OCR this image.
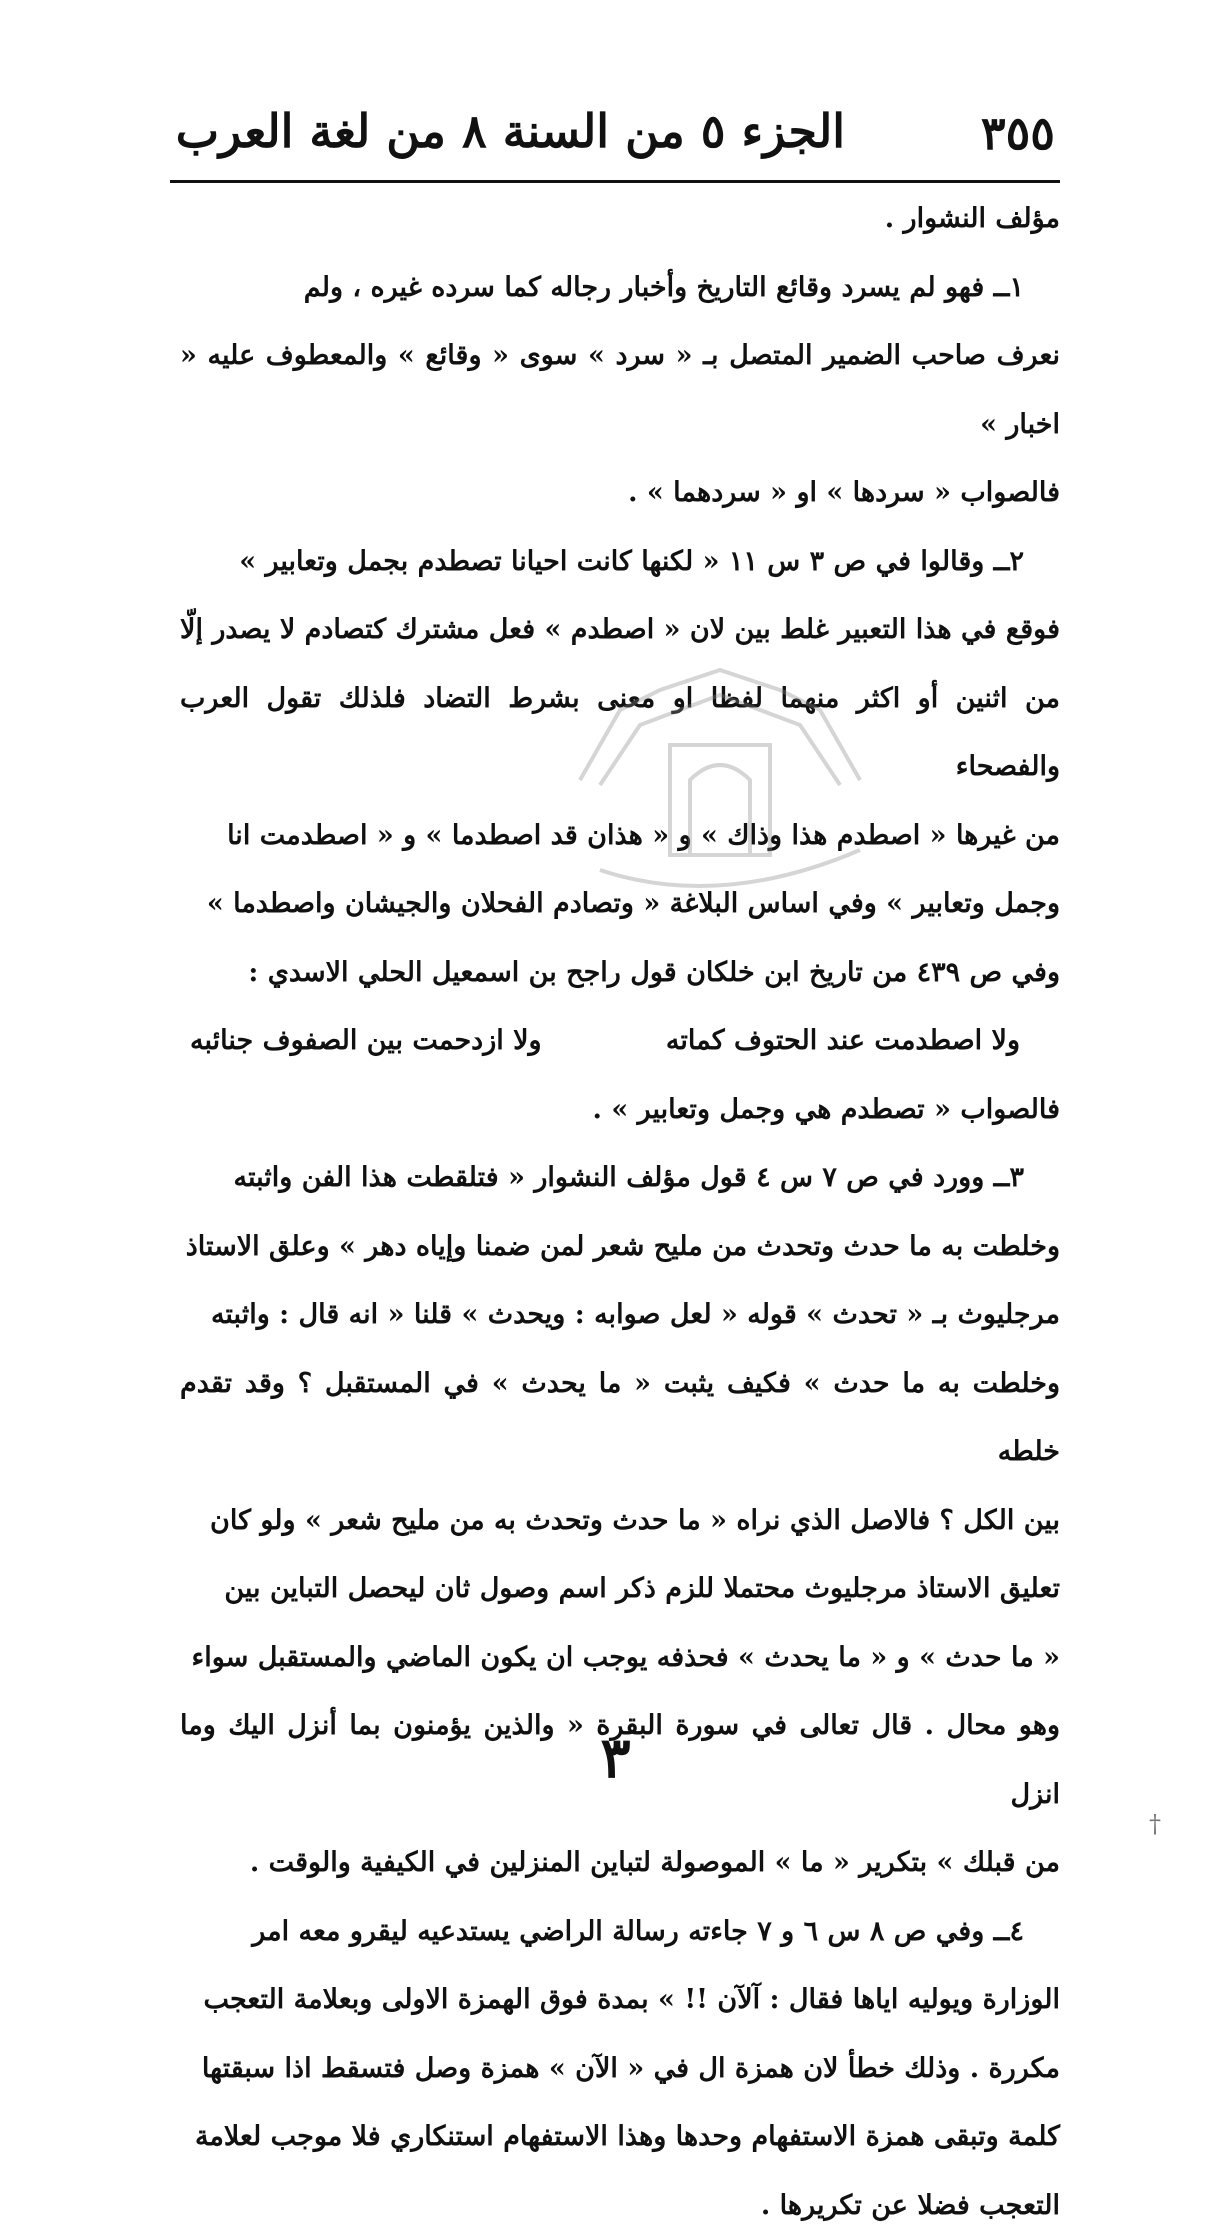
٣٥٥
الجزء ٥ من السنة ٨ من لغة العرب

مؤلف النشوار .

١ــ فهو لم يسرد وقائع التاريخ وأخبار رجاله كما سرده غيره ، ولم

نعرف صاحب الضمير المتصل بـ « سرد » سوى « وقائع » والمعطوف عليه « اخبار »

فالصواب « سردها » او « سردهما » .

٢ــ وقالوا في ص ٣ س ١١ « لكنها كانت احيانا تصطدم بجمل وتعابير »

فوقع في هذا التعبير غلط بين لان « اصطدم » فعل مشترك كتصادم لا يصدر إلّا

من اثنين أو اكثر منهما لفظا او معنى بشرط التضاد فلذلك تقول العرب والفصحاء

من غيرها « اصطدم هذا وذاك » و « هذان قد اصطدما » و « اصطدمت انا

وجمل وتعابير » وفي اساس البلاغة « وتصادم الفحلان والجيشان واصطدما »

وفي ص ٤٣٩ من تاريخ ابن خلكان قول راجح بن اسمعيل الحلي الاسدي :

ولا اصطدمت عند الحتوف كماته
ولا ازدحمت بين الصفوف جنائبه

فالصواب « تصطدم هي وجمل وتعابير » .

٣ــ وورد في ص ٧ س ٤ قول مؤلف النشوار « فتلقطت هذا الفن واثبته

وخلطت به ما حدث وتحدث من مليح شعر لمن ضمنا وإياه دهر » وعلق الاستاذ

مرجليوث بـ « تحدث » قوله « لعل صوابه : ويحدث » قلنا « انه قال : واثبته

وخلطت به ما حدث » فكيف يثبت « ما يحدث » في المستقبل ؟ وقد تقدم خلطه

بين الكل ؟ فالاصل الذي نراه « ما حدث وتحدث به من مليح شعر » ولو كان

تعليق الاستاذ مرجليوث محتملا للزم ذكر اسم وصول ثان ليحصل التباين بين

« ما حدث » و « ما يحدث » فحذفه يوجب ان يكون الماضي والمستقبل سواء

وهو محال . قال تعالى في سورة البقرة « والذين يؤمنون بما أنزل اليك وما انزل

من قبلك » بتكرير « ما » الموصولة لتباين المنزلين في الكيفية والوقت .

٤ــ وفي ص ٨ س ٦ و ٧ جاءته رسالة الراضي يستدعيه ليقرو معه امر

الوزارة ويوليه اياها فقال : آلآن !! » بمدة فوق الهمزة الاولى وبعلامة التعجب

مكررة . وذلك خطأ لان همزة ال في « الآن » همزة وصل فتسقط اذا سبقتها

كلمة وتبقى همزة الاستفهام وحدها وهذا الاستفهام استنكاري فلا موجب لعلامة

التعجب فضلا عن تكريرها .

٣
†
